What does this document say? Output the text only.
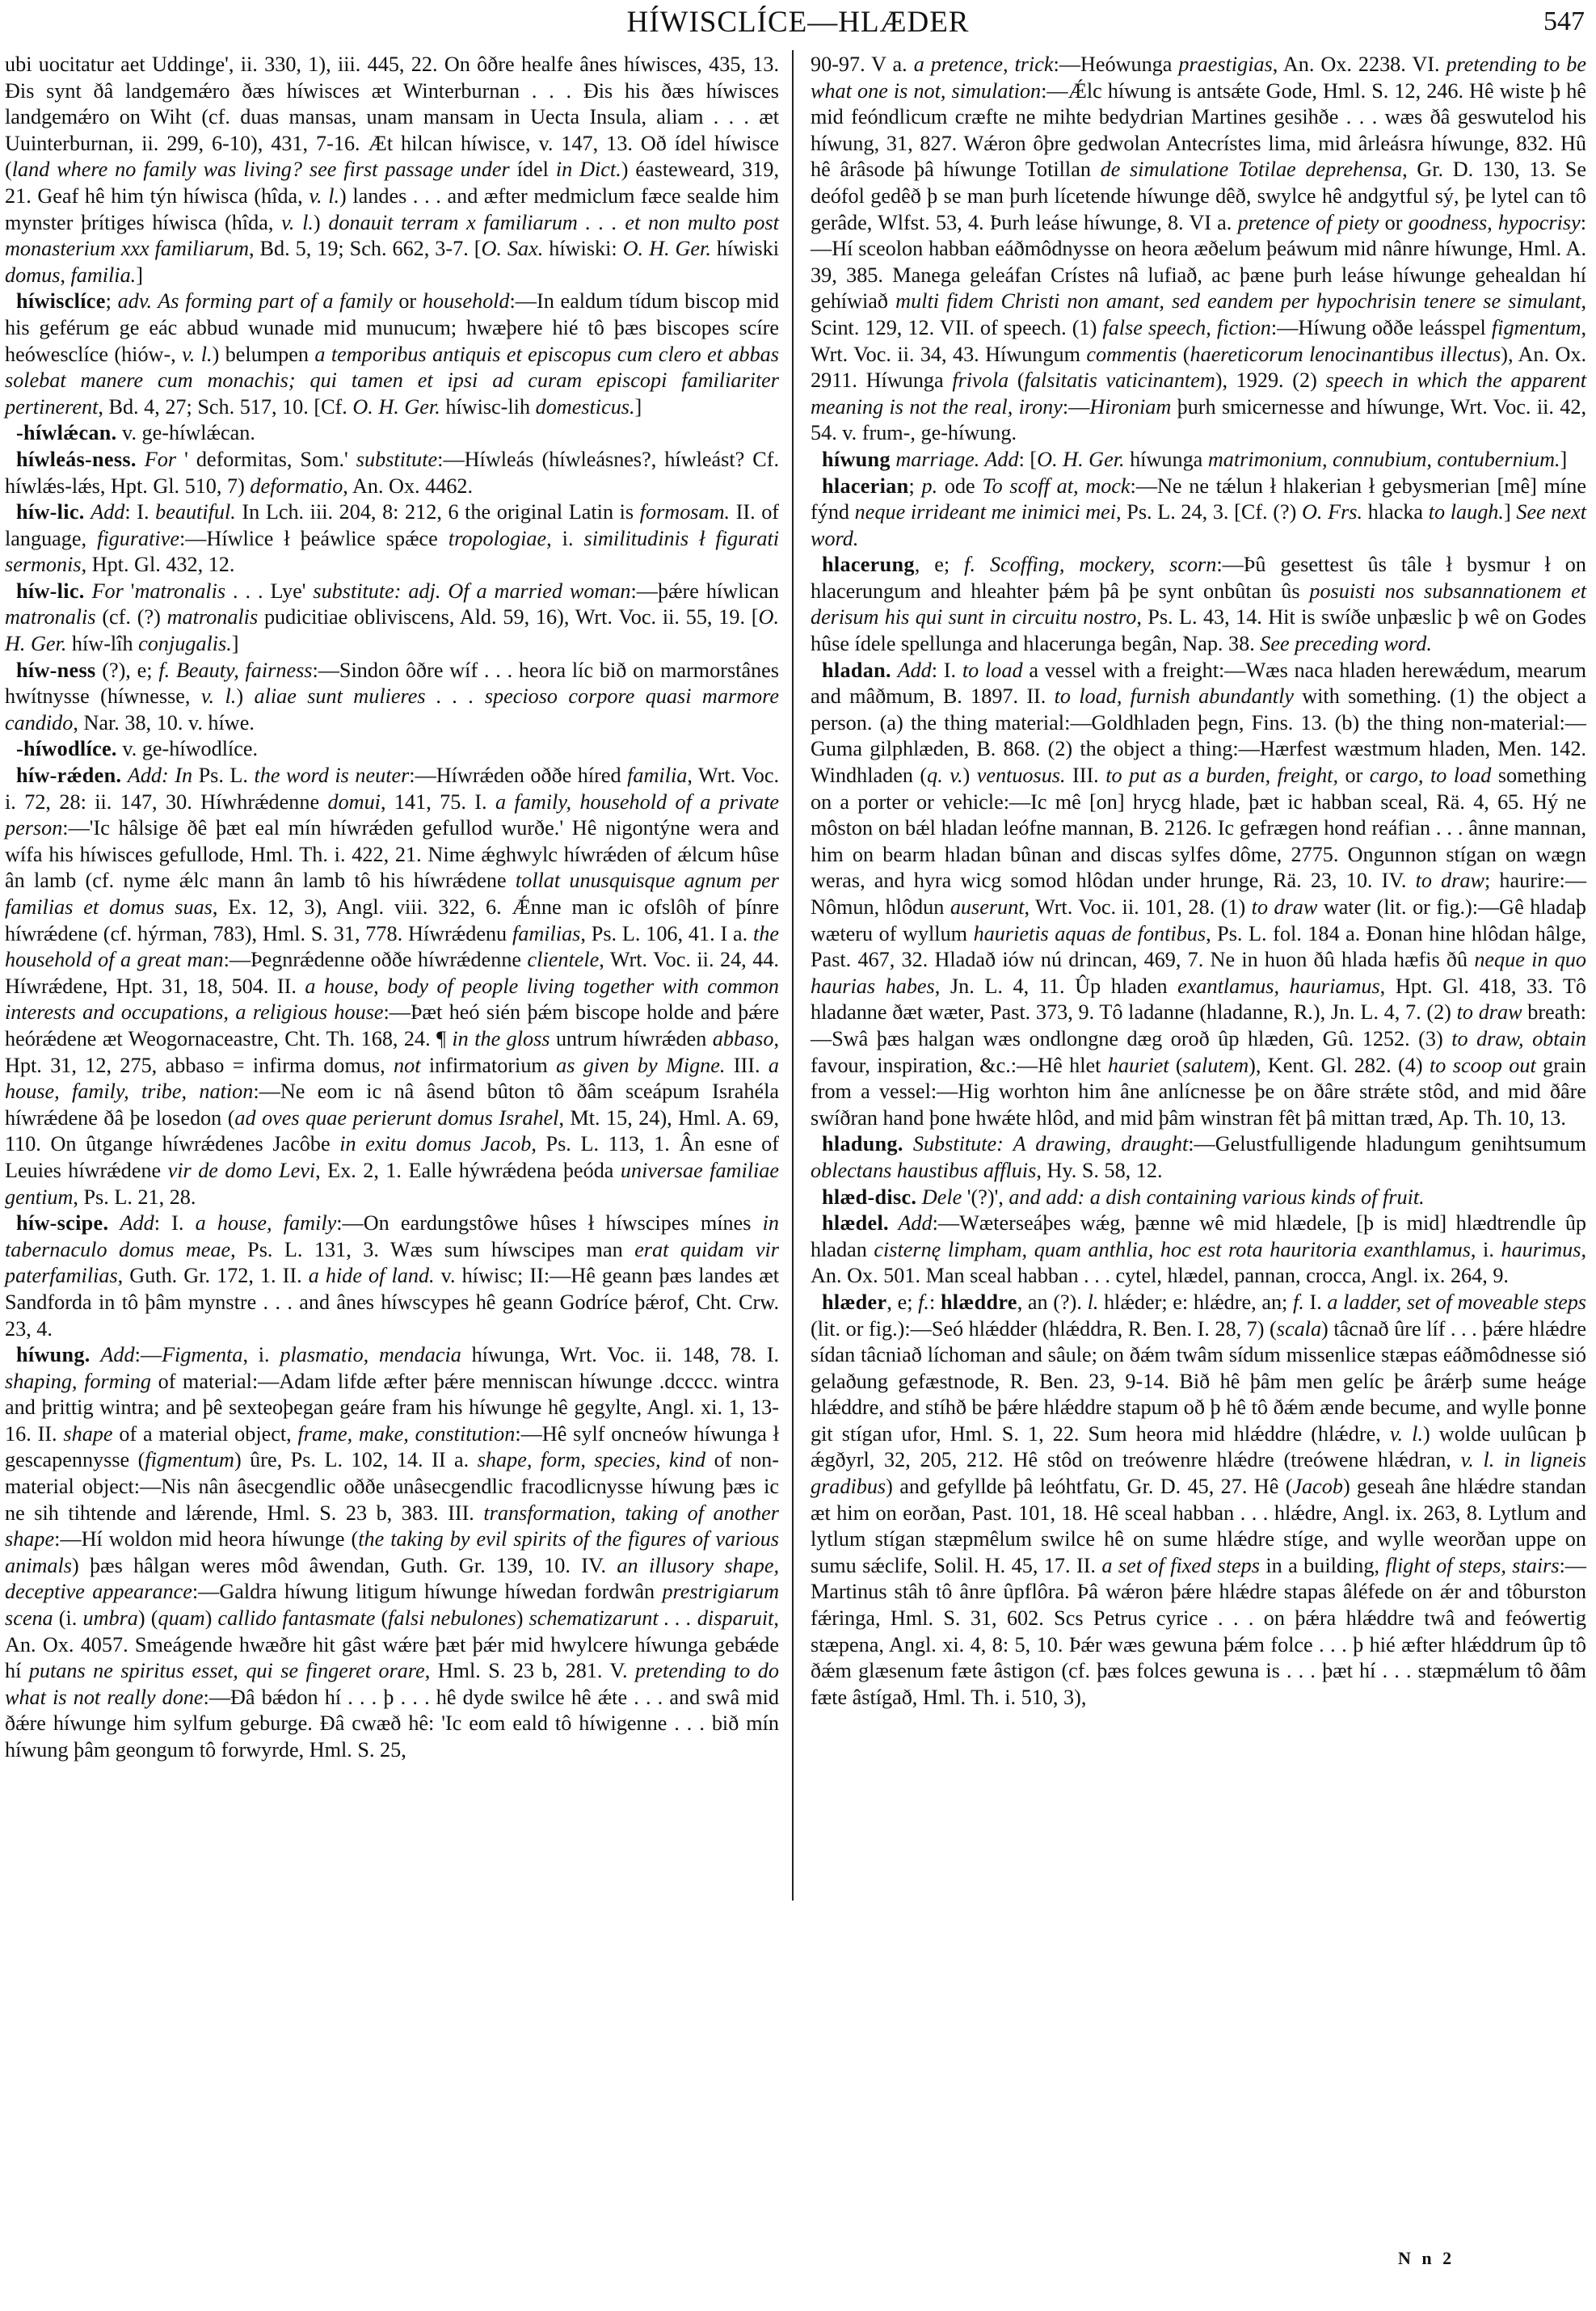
HÍWISCLÍCE—HLÆDER	547

ubi uocitatur aet Uddinge', ii. 330, 1), iii. 445, 22. On ôðre healfe ânes híwisces, 435, 13. Ðis synt ðâ landgemǽro ðæs híwisces æt Winterburnan . . . Ðis his ðæs híwisces landgemǽro on Wiht (cf. duas mansas, unam mansam in Uecta Insula, aliam . . . æt Uuinterburnan, ii. 299, 6-10), 431, 7-16. Æt hilcan híwisce, v. 147, 13. Oð ídel híwisce (land where no family was living? see first passage under ídel in Dict.) éasteweard, 319, 21. Geaf hê him týn híwisca (hîda, v. l.) landes . . . and æfter medmiclum fæce sealde him mynster þrítiges híwisca (hîda, v. l.) donauit terram x familiarum . . . et non multo post monasterium xxx familiarum, Bd. 5, 19; Sch. 662, 3-7. [O. Sax. híwiski: O. H. Ger. híwiski domus, familia.]

híwisclíce; adv. As forming part of a family or household:—In ealdum tídum biscop mid his geférum ge eác abbud wunade mid munucum; hwæþere hié tô þæs biscopes scíre heówesclíce (hiów-, v. l.) belumpen a temporibus antiquis et episcopus cum clero et abbas solebat manere cum monachis; qui tamen et ipsi ad curam episcopi familiariter pertinerent, Bd. 4, 27; Sch. 517, 10. [Cf. O. H. Ger. híwisc-lih domesticus.]

-híwlǽcan. v. ge-híwlǽcan.

híwleás-ness. For ' deformitas, Som.' substitute:—Híwleás (híwleásnes?, híwleást? Cf. híwlǽs-lǽs, Hpt. Gl. 510, 7) deformatio, An. Ox. 4462.

híw-lic. Add: I. beautiful. In Lch. iii. 204, 8: 212, 6 the original Latin is formosam. II. of language, figurative:—Híwlice ł þeáwlice spǽce tropologiae, i. similitudinis ł figurati sermonis, Hpt. Gl. 432, 12.

híw-lic. For 'matronalis . . . Lye' substitute: adj. Of a married woman:—þǽre híwlican matronalis (cf. (?) matronalis pudicitiae obliviscens, Ald. 59, 16), Wrt. Voc. ii. 55, 19. [O. H. Ger. híw-lîh conjugalis.]

híw-ness (?), e; f. Beauty, fairness:—Sindon ôðre wíf . . . heora líc bið on marmorstânes hwítnysse (híwnesse, v. l.) aliae sunt mulieres . . . specioso corpore quasi marmore candido, Nar. 38, 10. v. híwe.

-híwodlíce. v. ge-híwodlíce.

híw-rǽden. Add: In Ps. L. the word is neuter:—Híwrǽden oððe híred familia, Wrt. Voc. i. 72, 28: ii. 147, 30. Híwhrǽdenne domui, 141, 75. I. a family, household of a private person:—'Ic hâlsige ðê þæt eal mín híwrǽden gefullod wurðe.' Hê nigontýne wera and wífa his híwisces gefullode, Hml. Th. i. 422, 21. Nime ǽghwylc híwrǽden of ǽlcum hûse ân lamb (cf. nyme ǽlc mann ân lamb tô his híwrǽdene tollat unusquisque agnum per familias et domus suas, Ex. 12, 3), Angl. viii. 322, 6. Ǽnne man ic ofslôh of þínre híwrǽdene (cf. hýrman, 783), Hml. S. 31, 778. Híwrǽdenu familias, Ps. L. 106, 41. I a. the household of a great man:—Þegnrǽdenne oððe híwrǽdenne clientele, Wrt. Voc. ii. 24, 44. Híwrǽdene, Hpt. 31, 18, 504. II. a house, body of people living together with common interests and occupations, a religious house:—Þæt heó sién þǽm biscope holde and þǽre heórǽdene æt Weogornaceastre, Cht. Th. 168, 24. ¶ in the gloss untrum híwrǽden abbaso, Hpt. 31, 12, 275, abbaso = infirma domus, not infirmatorium as given by Migne. III. a house, family, tribe, nation:—Ne eom ic nâ âsend bûton tô ðâm sceápum Israhéla híwrǽdene ðâ þe losedon (ad oves quae perierunt domus Israhel, Mt. 15, 24), Hml. A. 69, 110. On ûtgange híwrǽdenes Jacôbe in exitu domus Jacob, Ps. L. 113, 1. Ân esne of Leuies híwrǽdene vir de domo Levi, Ex. 2, 1. Ealle hýwrǽdena þeóda universae familiae gentium, Ps. L. 21, 28.

híw-scipe. Add: I. a house, family:—On eardungstôwe hûses ł híwscipes mínes in tabernaculo domus meae, Ps. L. 131, 3. Wæs sum híwscipes man erat quidam vir paterfamilias, Guth. Gr. 172, 1. II. a hide of land. v. híwisc; II:—Hê geann þæs landes æt Sandforda in tô þâm mynstre . . . and ânes híwscypes hê geann Godríce þǽrof, Cht. Crw. 23, 4.

híwung. Add:—Figmenta, i. plasmatio, mendacia híwunga, Wrt. Voc. ii. 148, 78. I. shaping, forming of material:—Adam lifde æfter þǽre menniscan híwunge .dcccc. wintra and þrittig wintra; and þê sexteoþegan geáre fram his híwunge hê gegylte, Angl. xi. 1, 13-16. II. shape of a material object, frame, make, constitution:—Hê sylf oncneów híwunga ł gescapennysse (figmentum) ûre, Ps. L. 102, 14. II a. shape, form, species, kind of non-material object:—Nis nân âsecgendlic oððe unâsecgendlic fracodlicnysse híwung þæs ic ne sih tihtende and lǽrende, Hml. S. 23 b, 383. III. transformation, taking of another shape:—Hí woldon mid heora híwunge (the taking by evil spirits of the figures of various animals) þæs hâlgan weres môd âwendan, Guth. Gr. 139, 10. IV. an illusory shape, deceptive appearance:—Galdra híwung litigum híwunge híwedan fordwân prestrigiarum scena (i. umbra) (quam) callido fantasmate (falsi nebulones) schematizarunt . . . disparuit, An. Ox. 4057. Smeágende hwæðre hit gâst wǽre þæt þǽr mid hwylcere híwunga gebǽde hí putans ne spiritus esset, qui se fingeret orare, Hml. S. 23 b, 281. V. pretending to do what is not really done:—Ðâ bǽdon hí . . . þ . . . hê dyde swilce hê ǽte . . . and swâ mid ðǽre híwunge him sylfum geburge. Ðâ cwæð hê: 'Ic eom eald tô híwigenne . . . bið mín híwung þâm geongum tô forwyrde, Hml. S. 25,

90-97. V a. a pretence, trick:—Heówunga praestigias, An. Ox. 2238. VI. pretending to be what one is not, simulation:—Ǽlc híwung is antsǽte Gode, Hml. S. 12, 246. Hê wiste þ hê mid feóndlicum cræfte ne mihte bedydrian Martines gesihðe . . . wæs ðâ geswutelod his híwung, 31, 827. Wǽron ôþre gedwolan Antecrístes lima, mid ârleásra híwunge, 832. Hû hê ârâsode þâ híwunge Totillan de simulatione Totilae deprehensa, Gr. D. 130, 13. Se deófol gedêð þ se man þurh lícetende híwunge dêð, swylce hê andgytful sý, þe lytel can tô gerâde, Wlfst. 53, 4. Þurh leáse híwunge, 8. VI a. pretence of piety or goodness, hypocrisy:—Hí sceolon habban eáðmôdnysse on heora æðelum þeáwum mid nânre híwunge, Hml. A. 39, 385. Manega geleáfan Crístes nâ lufiað, ac þæne þurh leáse híwunge gehealdan hí gehíwiað multi fidem Christi non amant, sed eandem per hypochrisin tenere se simulant, Scint. 129, 12. VII. of speech. (1) false speech, fiction:—Híwung oððe leásspel figmentum, Wrt. Voc. ii. 34, 43. Híwungum commentis (haereticorum lenocinantibus illectus), An. Ox. 2911. Híwunga frivola (falsitatis vaticinantem), 1929. (2) speech in which the apparent meaning is not the real, irony:—Hironiam þurh smicernesse and híwunge, Wrt. Voc. ii. 42, 54. v. frum-, ge-híwung.

híwung marriage. Add: [O. H. Ger. híwunga matrimonium, connubium, contubernium.]

hlacerian; p. ode To scoff at, mock:—Ne ne tǽlun ł hlakerian ł gebysmerian [mê] míne fýnd neque irrideant me inimici mei, Ps. L. 24, 3. [Cf. (?) O. Frs. hlacka to laugh.] See next word.

hlacerung, e; f. Scoffing, mockery, scorn:—Þû gesettest ûs tâle ł bysmur ł on hlacerungum and hleahter þǽm þâ þe synt onbûtan ûs posuisti nos subsannationem et derisum his qui sunt in circuitu nostro, Ps. L. 43, 14. Hit is swíðe unþæslic þ wê on Godes hûse ídele spellunga and hlacerunga begân, Nap. 38. See preceding word.

hladan. Add: I. to load a vessel with a freight:—Wæs naca hladen herewǽdum, mearum and mâðmum, B. 1897. II. to load, furnish abundantly with something. (1) the object a person. (a) the thing material:—Goldhladen þegn, Fins. 13. (b) the thing non-material:—Guma gilphlæden, B. 868. (2) the object a thing:—Hærfest wæstmum hladen, Men. 142. Windhladen (q. v.) ventuosus. III. to put as a burden, freight, or cargo, to load something on a porter or vehicle:—Ic mê [on] hrycg hlade, þæt ic habban sceal, Rä. 4, 65. Hý ne môston on bǽl hladan leófne mannan, B. 2126. Ic gefrægen hond reáfian . . . ânne mannan, him on bearm hladan bûnan and discas sylfes dôme, 2775. Ongunnon stígan on wægn weras, and hyra wicg somod hlôdan under hrunge, Rä. 23, 10. IV. to draw; haurire:—Nômun, hlôdun auserunt, Wrt. Voc. ii. 101, 28. (1) to draw water (lit. or fig.):—Gê hladaþ wæteru of wyllum haurietis aquas de fontibus, Ps. L. fol. 184 a. Ðonan hine hlôdan hâlge, Past. 467, 32. Hladað iów nú drincan, 469, 7. Ne in huon ðû hlada hæfis ðû neque in quo haurias habes, Jn. L. 4, 11. Ûp hladen exantlamus, hauriamus, Hpt. Gl. 418, 33. Tô hladanne ðæt wæter, Past. 373, 9. Tô ladanne (hladanne, R.), Jn. L. 4, 7. (2) to draw breath:—Swâ þæs halgan wæs ondlongne dæg oroð ûp hlæden, Gû. 1252. (3) to draw, obtain favour, inspiration, &c.:—Hê hlet hauriet (salutem), Kent. Gl. 282. (4) to scoop out grain from a vessel:—Hig worhton him âne anlícnesse þe on ðâre strǽte stôd, and mid ðâre swíðran hand þone hwǽte hlôd, and mid þâm winstran fêt þâ mittan træd, Ap. Th. 10, 13.

hladung. Substitute: A drawing, draught:—Gelustfulligende hladungum genihtsumum oblectans haustibus affluis, Hy. S. 58, 12.

hlæd-disc. Dele '(?)', and add: a dish containing various kinds of fruit.

hlædel. Add:—Wæterseáþes wǽg, þænne wê mid hlædele, [þ is mid] hlædtrendle ûp hladan cisternę limpham, quam anthlia, hoc est rota hauritoria exanthlamus, i. haurimus, An. Ox. 501. Man sceal habban . . . cytel, hlædel, pannan, crocca, Angl. ix. 264, 9.

hlæder, e; f.: hlæddre, an (?). l. hlǽder; e: hlǽdre, an; f. I. a ladder, set of moveable steps (lit. or fig.):—Seó hlǽdder (hlǽddra, R. Ben. I. 28, 7) (scala) tâcnað ûre líf . . . þǽre hlǽdre sídan tâcniað líchoman and sâule; on ðǽm twâm sídum missenlice stæpas eáðmôdnesse sió gelaðung gefæstnode, R. Ben. 23, 9-14. Bið hê þâm men gelíc þe ârǽrþ sume heáge hlǽddre, and stíhð be þǽre hlǽddre stapum oð þ hê tô ðǽm ænde becume, and wylle þonne git stígan ufor, Hml. S. 1, 22. Sum heora mid hlǽddre (hlǽdre, v. l.) wolde uulûcan þ ǽgðyrl, 32, 205, 212. Hê stôd on treówenre hlǽdre (treówene hlǽdran, v. l. in ligneis gradibus) and gefyllde þâ leóhtfatu, Gr. D. 45, 27. Hê (Jacob) geseah âne hlǽdre standan æt him on eorðan, Past. 101, 18. Hê sceal habban . . . hlǽdre, Angl. ix. 263, 8. Lytlum and lytlum stígan stæpmêlum swilce hê on sume hlǽdre stíge, and wylle weorðan uppe on sumu sǽclife, Solil. H. 45, 17. II. a set of fixed steps in a building, flight of steps, stairs:—Martinus stâh tô ânre ûpflôra. Þâ wǽron þǽre hlǽdre stapas âléfede on ǽr and tôburston fǽringa, Hml. S. 31, 602. Scs Petrus cyrice . . . on þǽra hlǽddre twâ and feówertig stæpena, Angl. xi. 4, 8: 5, 10. Þǽr wæs gewuna þǽm folce . . . þ hié æfter hlǽddrum ûp tô ðǽm glæsenum fæte âstigon (cf. þæs folces gewuna is . . . þæt hí . . . stæpmǽlum tô ðâm fæte âstígað, Hml. Th. i. 510, 3),

N n 2
